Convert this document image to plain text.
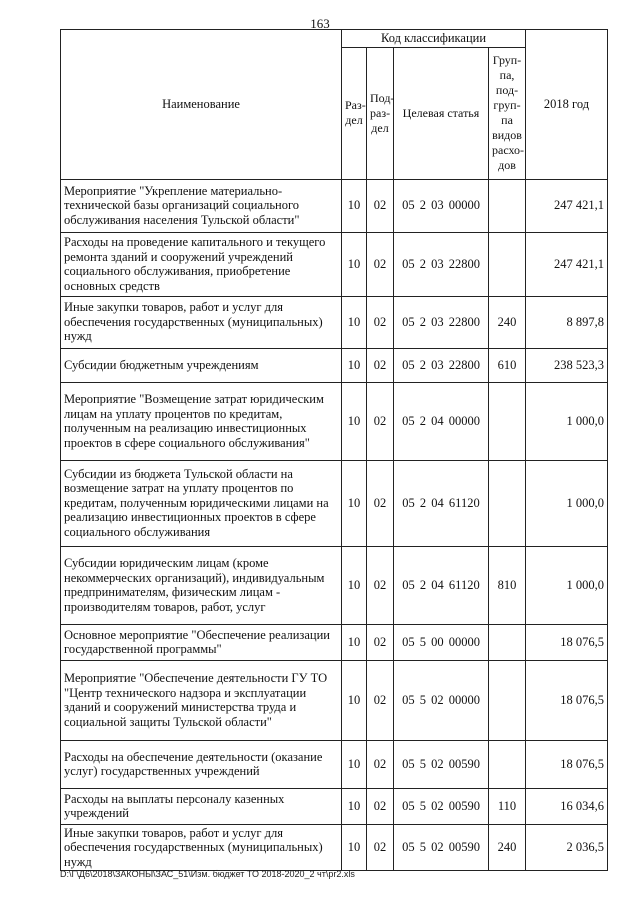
163
Наименование	Код классификации				2018 год
	Раз-дел	Под-раз-дел	Целевая статья	Груп-па, под-груп-па видов расхо-дов	
Мероприятие "Укрепление материально-технической базы организаций социального обслуживания населения Тульской области"	10	02	05 2 03 00000		247 421,1
Расходы на проведение капитального и текущего ремонта зданий и сооружений учреждений социального обслуживания, приобретение основных средств	10	02	05 2 03 22800		247 421,1
Иные закупки товаров, работ и услуг для обеспечения государственных (муниципальных) нужд	10	02	05 2 03 22800	240	8 897,8
Субсидии бюджетным учреждениям	10	02	05 2 03 22800	610	238 523,3
Мероприятие "Возмещение затрат юридическим лицам на уплату процентов по кредитам, полученным на реализацию инвестиционных проектов в сфере социального обслуживания"	10	02	05 2 04 00000		1 000,0
Субсидии из бюджета Тульской области на возмещение затрат на уплату процентов по кредитам, полученным юридическими лицами на реализацию инвестиционных проектов в сфере социального обслуживания	10	02	05 2 04 61120		1 000,0
Субсидии юридическим лицам (кроме некоммерческих организаций), индивидуальным предпринимателям, физическим лицам - производителям товаров, работ, услуг	10	02	05 2 04 61120	810	1 000,0
Основное мероприятие "Обеспечение реализации государственной программы"	10	02	05 5 00 00000		18 076,5
Мероприятие "Обеспечение деятельности ГУ ТО "Центр технического надзора и эксплуатации зданий и сооружений министерства труда и социальной защиты Тульской области"	10	02	05 5 02 00000		18 076,5
Расходы на обеспечение деятельности (оказание услуг) государственных учреждений	10	02	05 5 02 00590		18 076,5
Расходы на выплаты персоналу казенных учреждений	10	02	05 5 02 00590	110	16 034,6
Иные закупки товаров, работ и услуг для обеспечения государственных (муниципальных) нужд	10	02	05 5 02 00590	240	2 036,5
D:\Г\Д6\2018\ЗАКОНЫ\ЗАС_51\Изм. бюджет ТО 2018-2020_2 чт\pr2.xls
